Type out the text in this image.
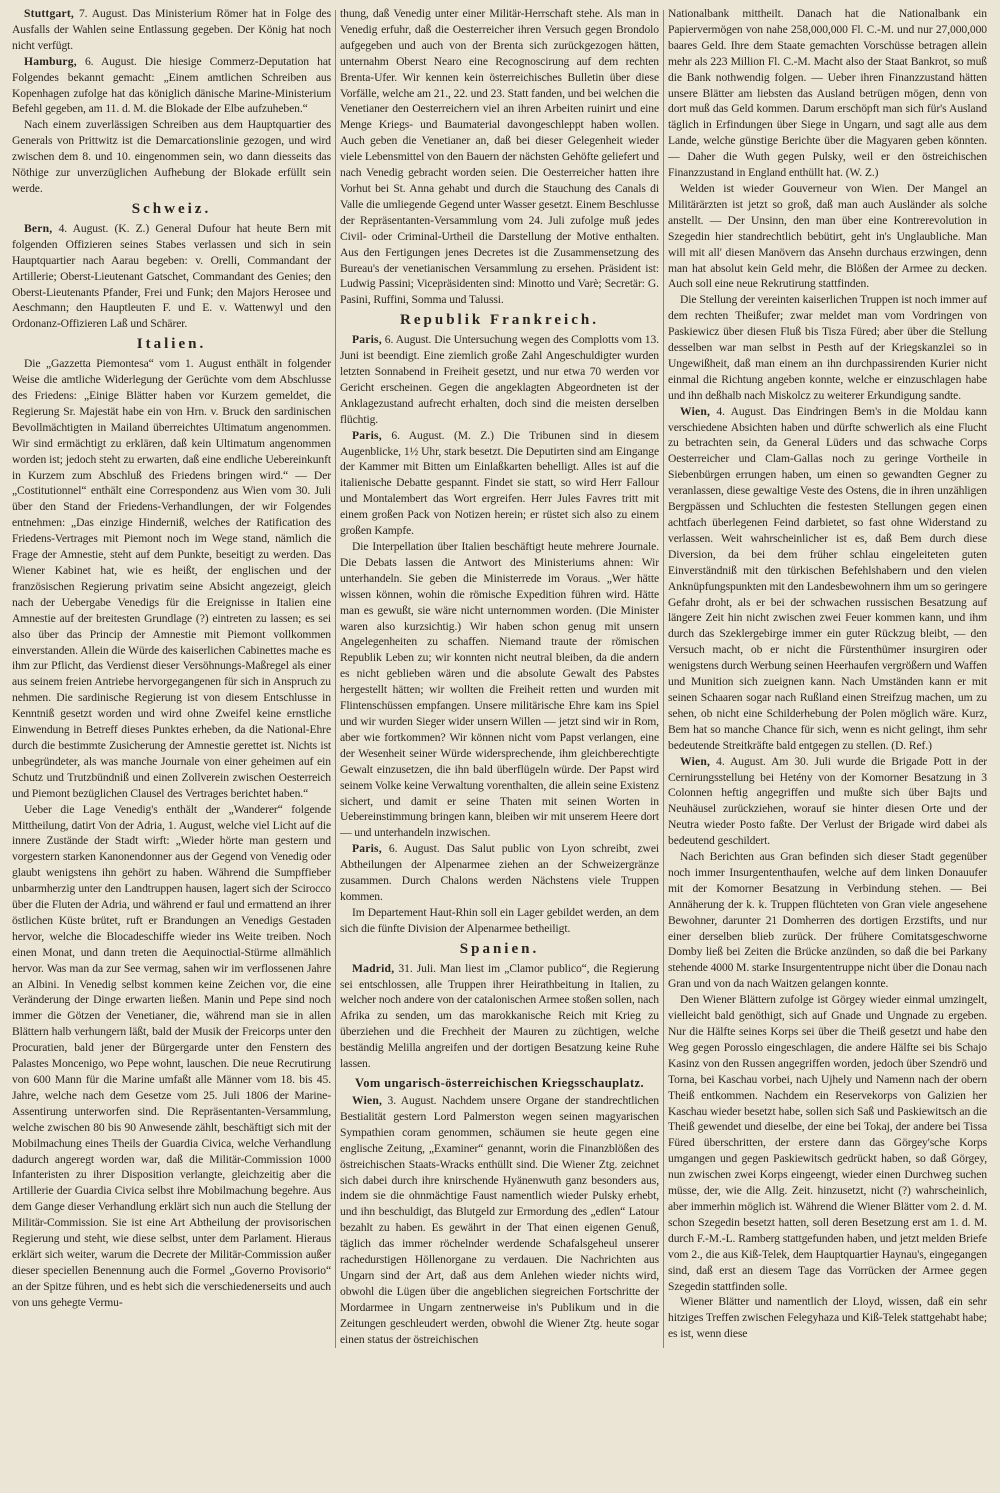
Stuttgart, 7. August. Das Ministerium Römer hat in Folge des Ausfalls der Wahlen seine Entlassung gegeben. Der König hat noch nicht verfügt.

Hamburg, 6. August. Die hiesige Commerz-Deputation hat Folgendes bekannt gemacht: „Einem amtlichen Schreiben aus Kopenhagen zufolge hat das königlich dänische Marine-Ministerium Befehl gegeben, am 11. d. M. die Blokade der Elbe aufzuheben.“

Nach einem zuverlässigen Schreiben aus dem Hauptquartier des Generals von Prittwitz ist die Demarcationslinie gezogen, und wird zwischen dem 8. und 10. eingenommen sein, wo dann diesseits das Nöthige zur unverzüglichen Aufhebung der Blokade erfüllt sein werde.

Schweiz.

Bern, 4. August. (K. Z.) General Dufour hat heute Bern mit folgenden Offizieren seines Stabes verlassen und sich in sein Hauptquartier nach Aarau begeben: v. Orelli, Commandant der Artillerie; Oberst-Lieutenant Gatschet, Commandant des Genies; den Oberst-Lieutenants Pfander, Frei und Funk; den Majors Herosee und Aeschmann; den Hauptleuten F. und E. v. Wattenwyl und den Ordonanz-Offizieren Laß und Schärer.

Italien.

Die „Gazzetta Piemontesa“ vom 1. August enthält in folgender Weise die amtliche Widerlegung der Gerüchte vom dem Abschlusse des Friedens: „Einige Blätter haben vor Kurzem gemeldet, die Regierung Sr. Majestät habe ein von Hrn. v. Bruck den sardinischen Bevollmächtigten in Mailand überreichtes Ultimatum angenommen. Wir sind ermächtigt zu erklären, daß kein Ultimatum angenommen worden ist; jedoch steht zu erwarten, daß eine endliche Uebereinkunft in Kurzem zum Abschluß des Friedens bringen wird.“ — Der „Costitutionnel“ enthält eine Correspondenz aus Wien vom 30. Juli über den Stand der Friedens-Verhandlungen, der wir Folgendes entnehmen: „Das einzige Hinderniß, welches der Ratification des Friedens-Vertrages mit Piemont noch im Wege stand, nämlich die Frage der Amnestie, steht auf dem Punkte, beseitigt zu werden. Das Wiener Kabinet hat, wie es heißt, der englischen und der französischen Regierung privatim seine Absicht angezeigt, gleich nach der Uebergabe Venedigs für die Ereignisse in Italien eine Amnestie auf der breitesten Grundlage (?) eintreten zu lassen; es sei also über das Princip der Amnestie mit Piemont vollkommen einverstanden. Allein die Würde des kaiserlichen Cabinettes mache es ihm zur Pflicht, das Verdienst dieser Versöhnungs-Maßregel als einer aus seinem freien Antriebe hervorgegangenen für sich in Anspruch zu nehmen. Die sardinische Regierung ist von diesem Entschlusse in Kenntniß gesetzt worden und wird ohne Zweifel keine ernstliche Einwendung in Betreff dieses Punktes erheben, da die National-Ehre durch die bestimmte Zusicherung der Amnestie gerettet ist. Nichts ist unbegründeter, als was manche Journale von einer geheimen auf ein Schutz und Trutzbündniß und einen Zollverein zwischen Oesterreich und Piemont bezüglichen Clausel des Vertrages berichtet haben.“

Ueber die Lage Venedig's enthält der „Wanderer“ folgende Mittheilung, datirt Von der Adria, 1. August, welche viel Licht auf die innere Zustände der Stadt wirft: „Wieder hörte man gestern und vorgestern starken Kanonendonner aus der Gegend von Venedig oder glaubt wenigstens ihn gehört zu haben. Während die Sumpffieber unbarmherzig unter den Landtruppen hausen, lagert sich der Scirocco über die Fluten der Adria, und während er faul und ermattend an ihrer östlichen Küste brütet, ruft er Brandungen an Venedigs Gestaden hervor, welche die Blocadeschiffe wieder ins Weite treiben. Noch einen Monat, und dann treten die Aequinoctial-Stürme allmählich hervor. Was man da zur See vermag, sahen wir im verflossenen Jahre an Albini. In Venedig selbst kommen keine Zeichen vor, die eine Veränderung der Dinge erwarten ließen. Manin und Pepe sind noch immer die Götzen der Venetianer, die, während man sie in allen Blättern halb verhungern läßt, bald der Musik der Freicorps unter den Procuratien, bald jener der Bürgergarde unter den Fenstern des Palastes Moncenigo, wo Pepe wohnt, lauschen. Die neue Recrutirung von 600 Mann für die Marine umfaßt alle Männer vom 18. bis 45. Jahre, welche nach dem Gesetze vom 25. Juli 1806 der Marine-Assentirung unterworfen sind. Die Repräsentanten-Versammlung, welche zwischen 80 bis 90 Anwesende zählt, beschäftigt sich mit der Mobilmachung eines Theils der Guardia Civica, welche Verhandlung dadurch angeregt worden war, daß die Militär-Commission 1000 Infanteristen zu ihrer Disposition verlangte, gleichzeitig aber die Artillerie der Guardia Civica selbst ihre Mobilmachung begehre. Aus dem Gange dieser Verhandlung erklärt sich nun auch die Stellung der Militär-Commission. Sie ist eine Art Abtheilung der provisorischen Regierung und steht, wie diese selbst, unter dem Parlament. Hieraus erklärt sich weiter, warum die Decrete der Militär-Commission außer dieser speciellen Benennung auch die Formel „Governo Provisorio“ an der Spitze führen, und es hebt sich die verschiedenerseits und auch von uns gehegte Vermu-

thung, daß Venedig unter einer Militär-Herrschaft stehe. Als man in Venedig erfuhr, daß die Oesterreicher ihren Versuch gegen Brondolo aufgegeben und auch von der Brenta sich zurückgezogen hätten, unternahm Oberst Nearo eine Recognoscirung auf dem rechten Brenta-Ufer. Wir kennen kein österreichisches Bulletin über diese Vorfälle, welche am 21., 22. und 23. Statt fanden, und bei welchen die Venetianer den Oesterreichern viel an ihren Arbeiten ruinirt und eine Menge Kriegs- und Baumaterial davongeschleppt haben wollen. Auch geben die Venetianer an, daß bei dieser Gelegenheit wieder viele Lebensmittel von den Bauern der nächsten Gehöfte geliefert und nach Venedig gebracht worden seien. Die Oesterreicher hatten ihre Vorhut bei St. Anna gehabt und durch die Stauchung des Canals di Valle die umliegende Gegend unter Wasser gesetzt. Einem Beschlusse der Repräsentanten-Versammlung vom 24. Juli zufolge muß jedes Civil- oder Criminal-Urtheil die Darstellung der Motive enthalten. Aus den Fertigungen jenes Decretes ist die Zusammensetzung des Bureau's der venetianischen Versammlung zu ersehen. Präsident ist: Ludwig Passini; Vicepräsidenten sind: Minotto und Varè; Secretär: G. Pasini, Ruffini, Somma und Talussi.

Republik Frankreich.

Paris, 6. August. Die Untersuchung wegen des Complotts vom 13. Juni ist beendigt. Eine ziemlich große Zahl Angeschuldigter wurden letzten Sonnabend in Freiheit gesetzt, und nur etwa 70 werden vor Gericht erscheinen. Gegen die angeklagten Abgeordneten ist der Anklagezustand aufrecht erhalten, doch sind die meisten derselben flüchtig.

Paris, 6. August. (M. Z.) Die Tribunen sind in diesem Augenblicke, 1½ Uhr, stark besetzt. Die Deputirten sind am Eingange der Kammer mit Bitten um Einlaßkarten behelligt. Alles ist auf die italienische Debatte gespannt. Findet sie statt, so wird Herr Fallour und Montalembert das Wort ergreifen. Herr Jules Favres tritt mit einem großen Pack von Notizen herein; er rüstet sich also zu einem großen Kampfe.

Die Interpellation über Italien beschäftigt heute mehrere Journale. Die Debats lassen die Antwort des Ministeriums ahnen: Wir unterhandeln. Sie geben die Ministerrede im Voraus. „Wer hätte wissen können, wohin die römische Expedition führen wird. Hätte man es gewußt, sie wäre nicht unternommen worden. (Die Minister waren also kurzsichtig.) Wir haben schon genug mit unsern Angelegenheiten zu schaffen. Niemand traute der römischen Republik Leben zu; wir konnten nicht neutral bleiben, da die andern es nicht geblieben wären und die absolute Gewalt des Pabstes hergestellt hätten; wir wollten die Freiheit retten und wurden mit Flintenschüssen empfangen. Unsere militärische Ehre kam ins Spiel und wir wurden Sieger wider unsern Willen — jetzt sind wir in Rom, aber wie fortkommen? Wir können nicht vom Papst verlangen, eine der Wesenheit seiner Würde widersprechende, ihm gleichberechtigte Gewalt einzusetzen, die ihn bald überflügeln würde. Der Papst wird seinem Volke keine Verwaltung vorenthalten, die allein seine Existenz sichert, und damit er seine Thaten mit seinen Worten in Uebereinstimmung bringen kann, bleiben wir mit unserem Heere dort — und unterhandeln inzwischen.

Paris, 6. August. Das Salut public von Lyon schreibt, zwei Abtheilungen der Alpenarmee ziehen an der Schweizergränze zusammen. Durch Chalons werden Nächstens viele Truppen kommen.

Im Departement Haut-Rhin soll ein Lager gebildet werden, an dem sich die fünfte Division der Alpenarmee betheiligt.

Spanien.

Madrid, 31. Juli. Man liest im „Clamor publico“, die Regierung sei entschlossen, alle Truppen ihrer Heirathbeitung in Italien, zu welcher noch andere von der catalonischen Armee stoßen sollen, nach Afrika zu senden, um das marokkanische Reich mit Krieg zu überziehen und die Frechheit der Mauren zu züchtigen, welche beständig Melilla angreifen und der dortigen Besatzung keine Ruhe lassen.

Vom ungarisch-österreichischen Kriegsschauplatz.

Wien, 3. August. Nachdem unsere Organe der standrechtlichen Bestialität gestern Lord Palmerston wegen seinen magyarischen Sympathien coram genommen, schäumen sie heute gegen eine englische Zeitung, „Examiner“ genannt, worin die Finanzblößen des östreichischen Staats-Wracks enthüllt sind. Die Wiener Ztg. zeichnet sich dabei durch ihre knirschende Hyänenwuth ganz besonders aus, indem sie die ohnmächtige Faust namentlich wieder Pulsky erhebt, und ihn beschuldigt, das Blutgeld zur Ermordung des „edlen“ Latour bezahlt zu haben. Es gewährt in der That einen eigenen Genuß, täglich das immer röchelnder werdende Schafalsgeheul unserer rachedurstigen Höllenorgane zu verdauen. Die Nachrichten aus Ungarn sind der Art, daß aus dem Anlehen wieder nichts wird, obwohl die Lügen über die angeblichen siegreichen Fortschritte der Mordarmee in Ungarn zentnerweise in's Publikum und in die Zeitungen geschleudert werden, obwohl die Wiener Ztg. heute sogar einen status der östreichischen

Nationalbank mittheilt. Danach hat die Nationalbank ein Papiervermögen von nahe 258,000,000 Fl. C.-M. und nur 27,000,000 baares Geld. Ihre dem Staate gemachten Vorschüsse betragen allein mehr als 223 Million Fl. C.-M. Macht also der Staat Bankrot, so muß die Bank nothwendig folgen. — Ueber ihren Finanzzustand hätten unsere Blätter am liebsten das Ausland betrügen mögen, denn von dort muß das Geld kommen. Darum erschöpft man sich für's Ausland täglich in Erfindungen über Siege in Ungarn, und sagt alle aus dem Lande, welche günstige Berichte über die Magyaren geben könnten. — Daher die Wuth gegen Pulsky, weil er den östreichischen Finanzzustand in England enthüllt hat. (W. Z.)

Welden ist wieder Gouverneur von Wien. Der Mangel an Militärärzten ist jetzt so groß, daß man auch Ausländer als solche anstellt. — Der Unsinn, den man über eine Kontrerevolution in Szegedin hier standrechtlich bebütirt, geht in's Unglaubliche. Man will mit all' diesen Manövern das Ansehn durchaus erzwingen, denn man hat absolut kein Geld mehr, die Blößen der Armee zu decken. Auch soll eine neue Rekrutirung stattfinden.

Die Stellung der vereinten kaiserlichen Truppen ist noch immer auf dem rechten Theißufer; zwar meldet man vom Vordringen von Paskiewicz über diesen Fluß bis Tisza Füred; aber über die Stellung desselben war man selbst in Pesth auf der Kriegskanzlei so in Ungewißheit, daß man einem an ihn durchpassirenden Kurier nicht einmal die Richtung angeben konnte, welche er einzuschlagen habe und ihn deßhalb nach Miskolcz zu weiterer Erkundigung sandte.

Wien, 4. August. Das Eindringen Bem's in die Moldau kann verschiedene Absichten haben und dürfte schwerlich als eine Flucht zu betrachten sein, da General Lüders und das schwache Corps Oesterreicher und Clam-Gallas noch zu geringe Vortheile in Siebenbürgen errungen haben, um einen so gewandten Gegner zu veranlassen, diese gewaltige Veste des Ostens, die in ihren unzähligen Bergpässen und Schluchten die festesten Stellungen gegen einen achtfach überlegenen Feind darbietet, so fast ohne Widerstand zu verlassen. Weit wahrscheinlicher ist es, daß Bem durch diese Diversion, da bei dem früher schlau eingeleiteten guten Einverständniß mit den türkischen Befehlshabern und den vielen Anknüpfungspunkten mit den Landesbewohnern ihm um so geringere Gefahr droht, als er bei der schwachen russischen Besatzung auf längere Zeit hin nicht zwischen zwei Feuer kommen kann, und ihm durch das Szeklergebirge immer ein guter Rückzug bleibt, — den Versuch macht, ob er nicht die Fürstenthümer insurgiren oder wenigstens durch Werbung seinen Heerhaufen vergrößern und Waffen und Munition sich zueignen kann. Nach Umständen kann er mit seinen Schaaren sogar nach Rußland einen Streifzug machen, um zu sehen, ob nicht eine Schilderhebung der Polen möglich wäre. Kurz, Bem hat so manche Chance für sich, wenn es nicht gelingt, ihm sehr bedeutende Streitkräfte bald entgegen zu stellen. (D. Ref.)

Wien, 4. August. Am 30. Juli wurde die Brigade Pott in der Cernirungsstellung bei Hetény von der Komorner Besatzung in 3 Colonnen heftig angegriffen und mußte sich über Bajts und Neuhäusel zurückziehen, worauf sie hinter diesen Orte und der Neutra wieder Posto faßte. Der Verlust der Brigade wird dabei als bedeutend geschildert.

Nach Berichten aus Gran befinden sich dieser Stadt gegenüber noch immer Insurgententhaufen, welche auf dem linken Donauufer mit der Komorner Besatzung in Verbindung stehen. — Bei Annäherung der k. k. Truppen flüchteten von Gran viele angesehene Bewohner, darunter 21 Domherren des dortigen Erzstifts, und nur einer derselben blieb zurück. Der frühere Comitatsgeschworne Domby ließ bei Zeiten die Brücke anzünden, so daß die bei Parkany stehende 4000 M. starke Insurgententruppe nicht über die Donau nach Gran und von da nach Waitzen gelangen konnte.

Den Wiener Blättern zufolge ist Görgey wieder einmal umzingelt, vielleicht bald genöthigt, sich auf Gnade und Ungnade zu ergeben. Nur die Hälfte seines Korps sei über die Theiß gesetzt und habe den Weg gegen Porosslo eingeschlagen, die andere Hälfte sei bis Schajo Kasinz von den Russen angegriffen worden, jedoch über Szendrö und Torna, bei Kaschau vorbei, nach Ujhely und Namenn nach der obern Theiß entkommen. Nachdem ein Reservekorps von Galizien her Kaschau wieder besetzt habe, sollen sich Saß und Paskiewitsch an die Theiß gewendet und dieselbe, der eine bei Tokaj, der andere bei Tissa Füred überschritten, der erstere dann das Görgey'sche Korps umgangen und gegen Paskiewitsch gedrückt haben, so daß Görgey, nun zwischen zwei Korps eingeengt, wieder einen Durchweg suchen müsse, der, wie die Allg. Zeit. hinzusetzt, nicht (?) wahrscheinlich, aber immerhin möglich ist. Während die Wiener Blätter vom 2. d. M. schon Szegedin besetzt hatten, soll deren Besetzung erst am 1. d. M. durch F.-M.-L. Ramberg stattgefunden haben, und jetzt melden Briefe vom 2., die aus Kiß-Telek, dem Hauptquartier Haynau's, eingegangen sind, daß erst an diesem Tage das Vorrücken der Armee gegen Szegedin stattfinden solle.

Wiener Blätter und namentlich der Lloyd, wissen, daß ein sehr hitziges Treffen zwischen Felegyhaza und Kiß-Telek stattgehabt habe; es ist, wenn diese
